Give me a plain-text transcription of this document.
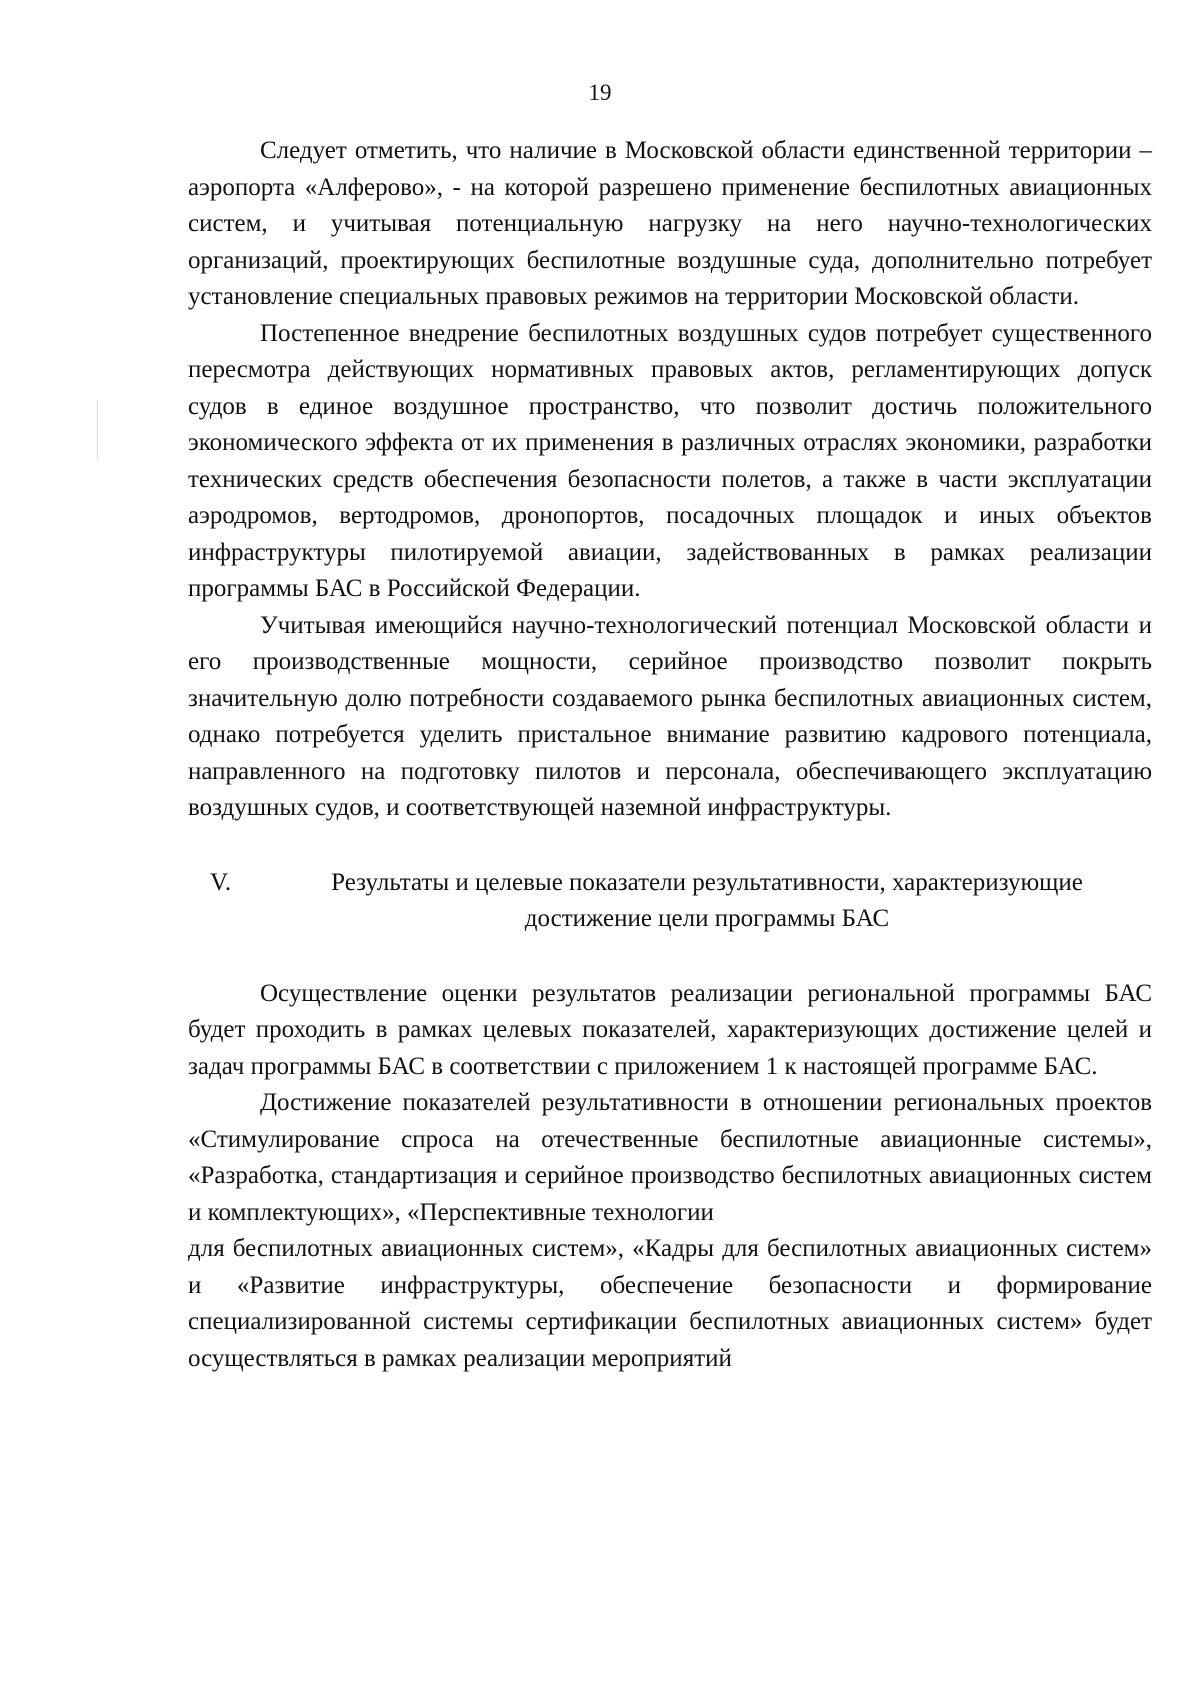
19

Следует отметить, что наличие в Московской области единственной территории – аэропорта «Алферово», - на которой разрешено применение беспилотных авиационных систем, и учитывая потенциальную нагрузку на него научно-технологических организаций, проектирующих беспилотные воздушные суда, дополнительно потребует установление специальных правовых режимов на территории Московской области.

Постепенное внедрение беспилотных воздушных судов потребует существенного пересмотра действующих нормативных правовых актов, регламентирующих допуск судов в единое воздушное пространство, что позволит достичь положительного экономического эффекта от их применения в различных отраслях экономики, разработки технических средств обеспечения безопасности полетов, а также в части эксплуатации аэродромов, вертодромов, дронопортов, посадочных площадок и иных объектов инфраструктуры пилотируемой авиации, задействованных в рамках реализации программы БАС в Российской Федерации.

Учитывая имеющийся научно-технологический потенциал Московской области и его производственные мощности, серийное производство позволит покрыть значительную долю потребности создаваемого рынка беспилотных авиационных систем, однако потребуется уделить пристальное внимание развитию кадрового потенциала, направленного на подготовку пилотов и персонала, обеспечивающего эксплуатацию воздушных судов, и соответствующей наземной инфраструктуры.

V.	Результаты и целевые показатели результативности, характеризующие
достижение цели программы БАС

Осуществление оценки результатов реализации региональной программы БАС будет проходить в рамках целевых показателей, характеризующих достижение целей и задач программы БАС в соответствии с приложением 1 к настоящей программе БАС.

Достижение показателей результативности в отношении региональных проектов «Стимулирование спроса на отечественные беспилотные авиационные системы», «Разработка, стандартизация и серийное производство беспилотных авиационных систем и комплектующих», «Перспективные технологии

для беспилотных авиационных систем», «Кадры для беспилотных авиационных систем» и «Развитие инфраструктуры, обеспечение безопасности и формирование специализированной системы сертификации беспилотных авиационных систем» будет осуществляться в рамках реализации мероприятий
